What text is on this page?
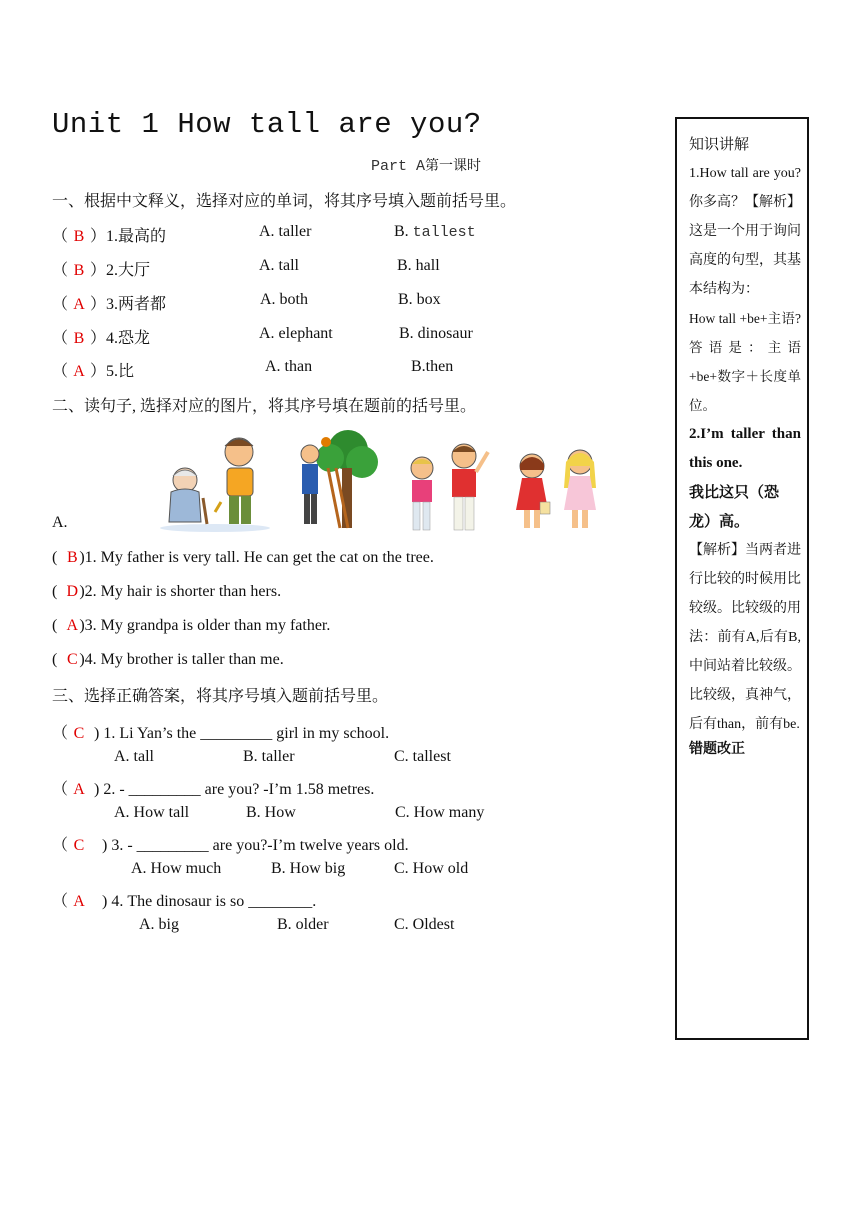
Unit 1 How tall are you?
Part A第一课时
一、根据中文释义，选择对应的单词，将其序号填入题前括号里。
（ B ）1.最高的	A. taller	B. tallest
（ B ）2.大厅	A. tall	B. hall
（ A ）3.两者都	A. both	B. box
（ B ）4.恐龙	A. elephant	B. dinosaur
（ A ）5.比	A. than	B.then
二、读句子, 选择对应的图片，将其序号填在题前的括号里。
A.
(  B )1. My father is very tall. He can get the cat on the tree.
(  D)2. My hair is shorter than hers.
(  A)3. My grandpa is older than my father.
(  C )4. My brother is taller than me.
三、选择正确答案，将其序号填入题前括号里。
（ C ) 1. Li Yan’s the _________ girl in my school.
A. tall	B. taller	C. tallest
（ A ) 2. - _________ are you? -I’m 1.58 metres.
A. How tall	B. How	C. How many
（ C ) 3. - _________ are you?-I’m twelve years old.
A. How much	B. How big	C. How old
（ A ) 4. The dinosaur is so ________.
A. big	B. older	C. Oldest
知识讲解
1.How tall are you? 你多高？【解析】这是一个用于询问高度的句型，其基本结构为：
How tall +be+主语?答语是：主语+be+数字＋长度单位。
2.I’m taller than this one.
我比这只（恐龙）高。
【解析】当两者进行比较的时候用比较级。比较级的用法：前有A,后有B,中间站着比较级。比较级，真神气，后有than，前有be.
错题改正
